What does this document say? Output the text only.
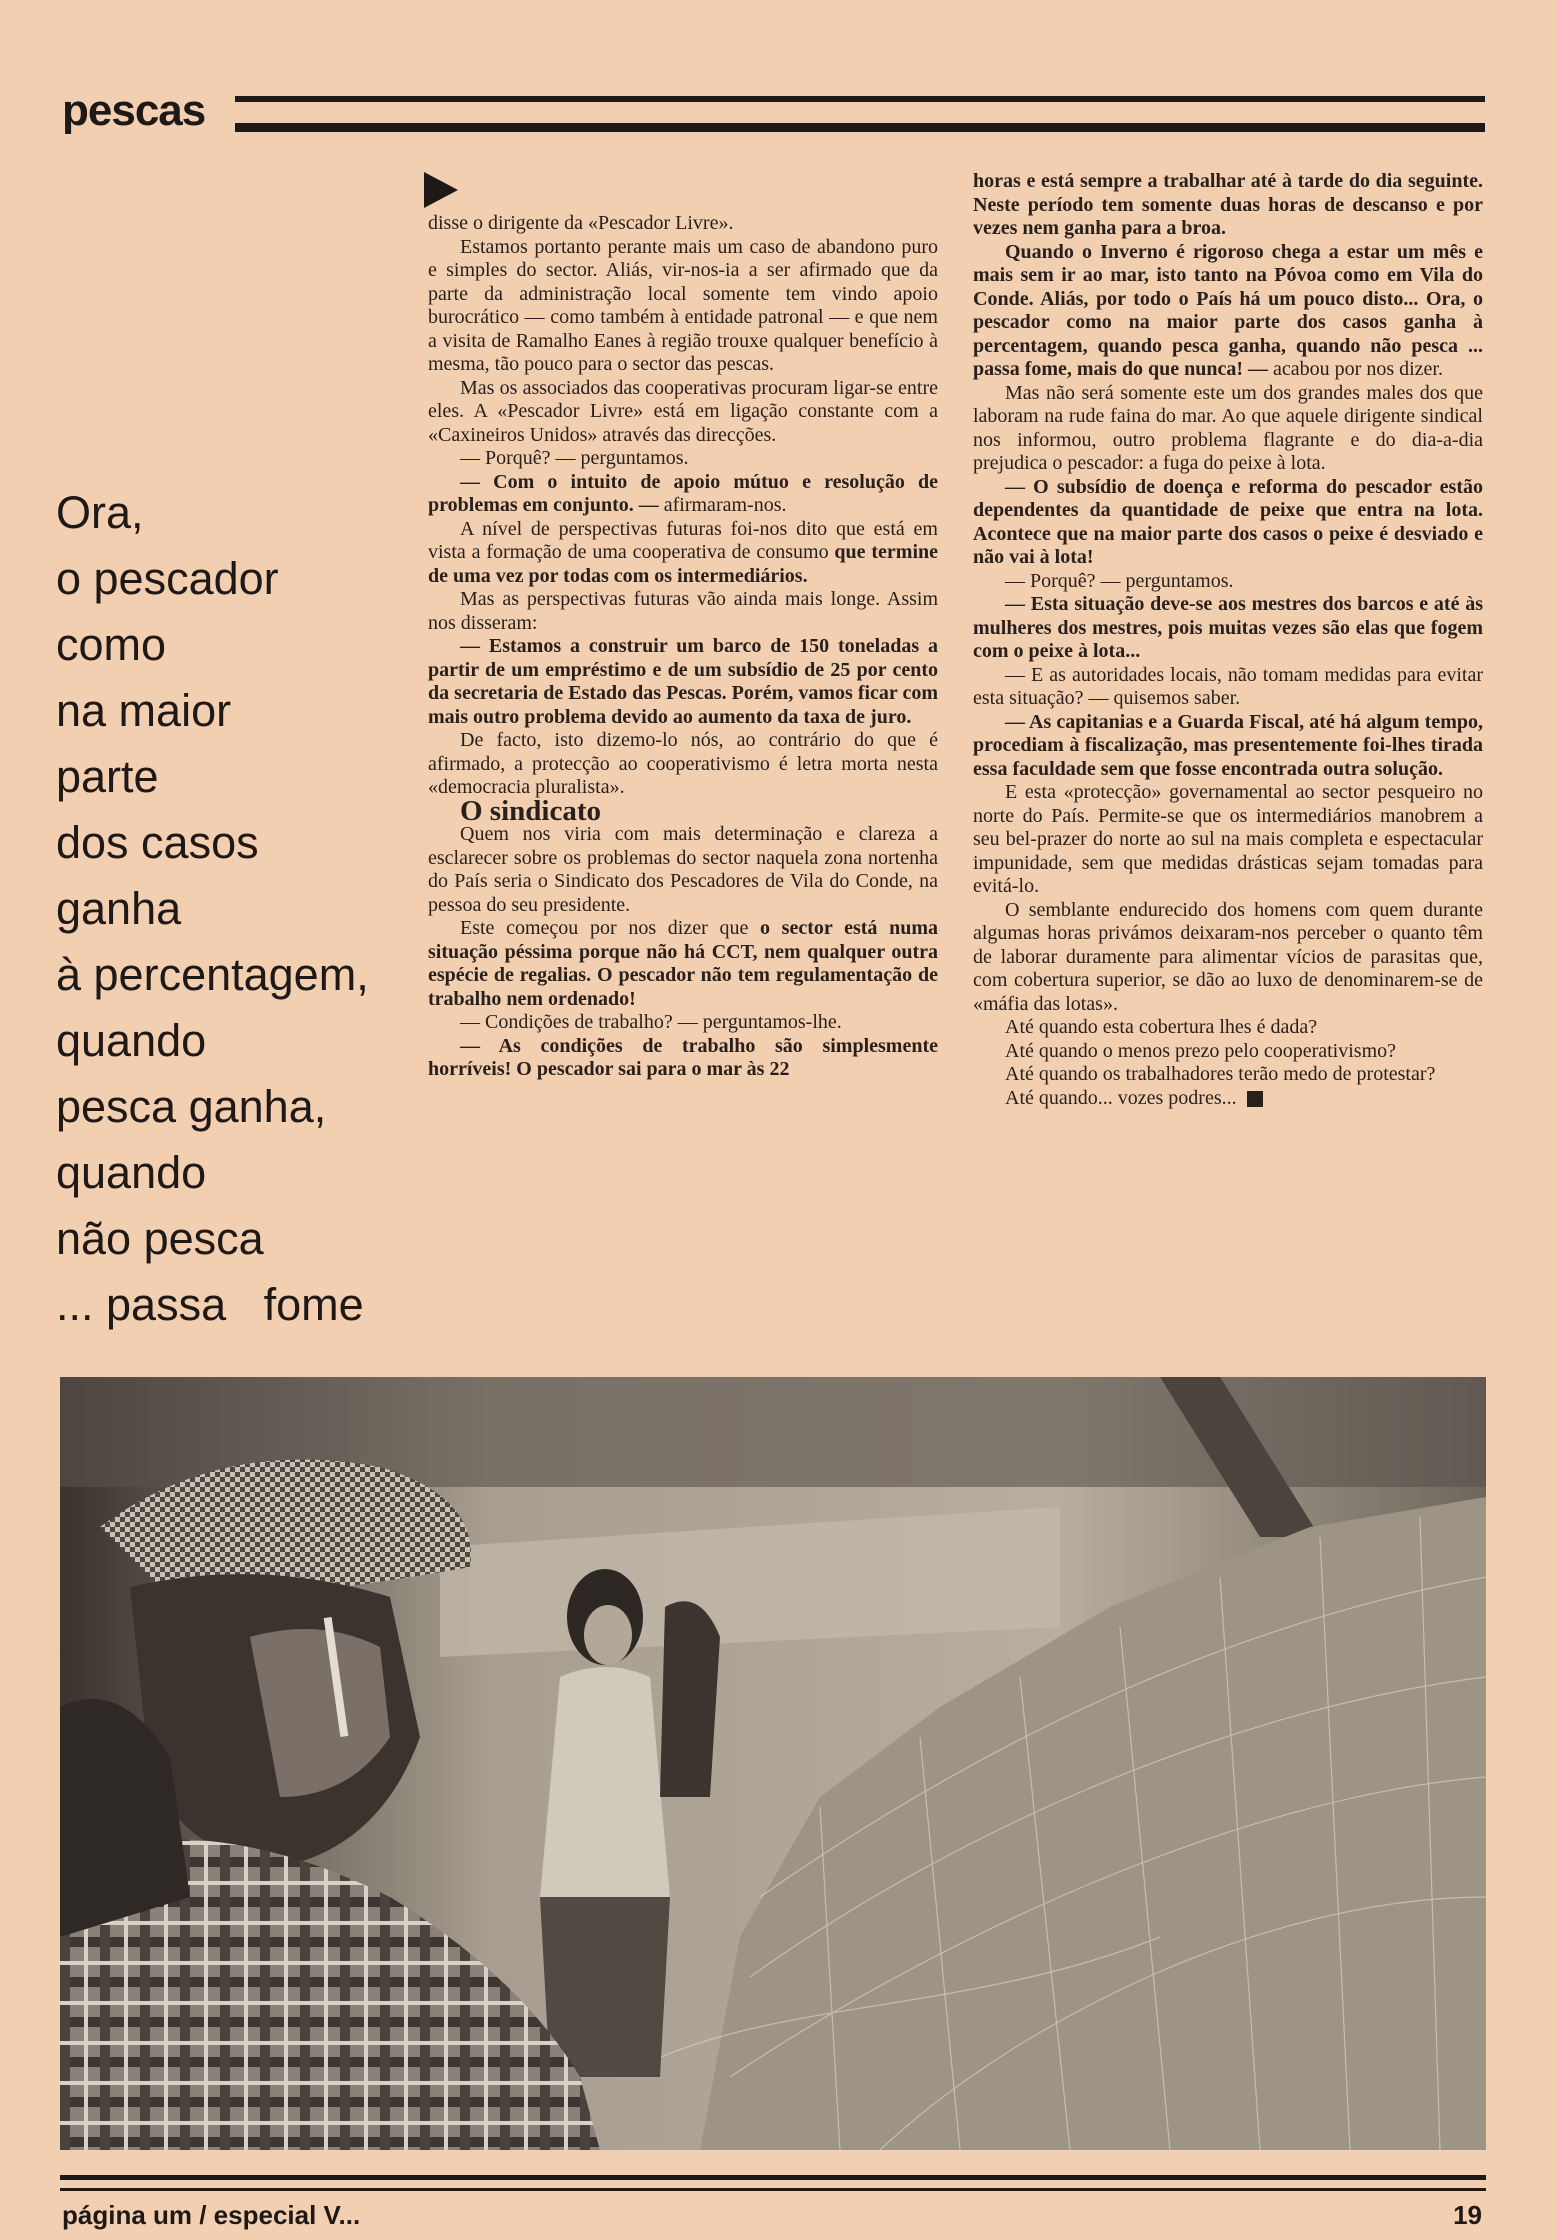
pescas
Ora,
o pescador
como
na maior
parte
dos casos
ganha
à percentagem,
quando
pesca ganha,
quando
não pesca
... passa   fome

disse o dirigente da «Pescador Livre».

Estamos portanto perante mais um caso de abandono puro e simples do sector. Aliás, vir-nos-ia a ser afirmado que da parte da administração local somente tem vindo apoio burocrático — como também à entidade patronal — e que nem a visita de Ramalho Eanes à região trouxe qualquer benefício à mesma, tão pouco para o sector das pescas.

Mas os associados das cooperativas procuram ligar-se entre eles. A «Pescador Livre» está em ligação constante com a «Caxineiros Unidos» através das direcções.

— Porquê? — perguntamos.

— Com o intuito de apoio mútuo e resolução de problemas em conjunto. — afirmaram-nos.

A nível de perspectivas futuras foi-nos dito que está em vista a formação de uma cooperativa de consumo que termine de uma vez por todas com os intermediários.

Mas as perspectivas futuras vão ainda mais longe. Assim nos disseram:

— Estamos a construir um barco de 150 toneladas a partir de um empréstimo e de um subsídio de 25 por cento da secretaria de Estado das Pescas. Porém, vamos ficar com mais outro problema devido ao aumento da taxa de juro.

De facto, isto dizemo-lo nós, ao contrário do que é afirmado, a protecção ao cooperativismo é letra morta nesta «democracia pluralista».

O sindicato

Quem nos viria com mais determinação e clareza a esclarecer sobre os problemas do sector naquela zona nortenha do País seria o Sindicato dos Pescadores de Vila do Conde, na pessoa do seu presidente.

Este começou por nos dizer que o sector está numa situação péssima porque não há CCT, nem qualquer outra espécie de regalias. O pescador não tem regulamentação de trabalho nem ordenado!

— Condições de trabalho? — perguntamos-lhe.

— As condições de trabalho são simplesmente horríveis! O pescador sai para o mar às 22

horas e está sempre a trabalhar até à tarde do dia seguinte. Neste período tem somente duas horas de descanso e por vezes nem ganha para a broa.

Quando o Inverno é rigoroso chega a estar um mês e mais sem ir ao mar, isto tanto na Póvoa como em Vila do Conde. Aliás, por todo o País há um pouco disto... Ora, o pescador como na maior parte dos casos ganha à percentagem, quando pesca ganha, quando não pesca ... passa fome, mais do que nunca! — acabou por nos dizer.

Mas não será somente este um dos grandes males dos que laboram na rude faina do mar. Ao que aquele dirigente sindical nos informou, outro problema flagrante e do dia-a-dia prejudica o pescador: a fuga do peixe à lota.

— O subsídio de doença e reforma do pescador estão dependentes da quantidade de peixe que entra na lota. Acontece que na maior parte dos casos o peixe é desviado e não vai à lota!

— Porquê? — perguntamos.

— Esta situação deve-se aos mestres dos barcos e até às mulheres dos mestres, pois muitas vezes são elas que fogem com o peixe à lota...

— E as autoridades locais, não tomam medidas para evitar esta situação? — quisemos saber.

— As capitanias e a Guarda Fiscal, até há algum tempo, procediam à fiscalização, mas presentemente foi-lhes tirada essa faculdade sem que fosse encontrada outra solução.

E esta «protecção» governamental ao sector pesqueiro no norte do País. Permite-se que os intermediários manobrem a seu bel-prazer do norte ao sul na mais completa e espectacular impunidade, sem que medidas drásticas sejam tomadas para evitá-lo.

O semblante endurecido dos homens com quem durante algumas horas privámos deixaram-nos perceber o quanto têm de laborar duramente para alimentar vícios de parasitas que, com cobertura superior, se dão ao luxo de denominarem-se de «máfia das lotas».

Até quando esta cobertura lhes é dada?

Até quando o menos prezo pelo cooperativismo?

Até quando os trabalhadores terão medo de protestar?

Até quando... vozes podres...

página um / especial V...	19
